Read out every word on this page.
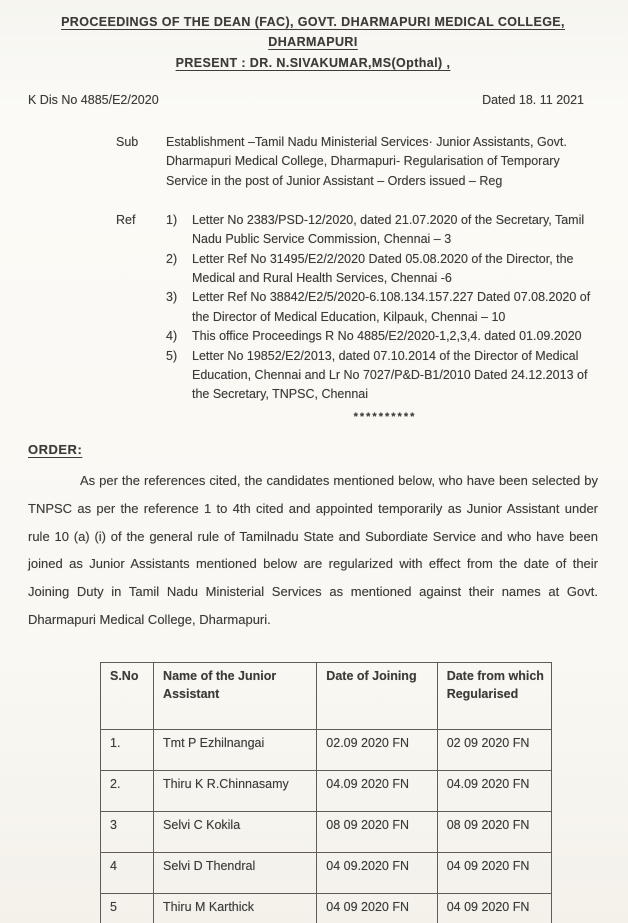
PROCEEDINGS OF THE DEAN (FAC), GOVT. DHARMAPURI MEDICAL COLLEGE,
DHARMAPURI
PRESENT : DR. N.SIVAKUMAR,MS(Opthal) ,
K Dis No 4885/E2/2020	Dated 18. 11 2021
Sub	Establishment –Tamil Nadu Ministerial Services· Junior Assistants, Govt. Dharmapuri Medical College, Dharmapuri- Regularisation of Temporary Service in the post of Junior Assistant – Orders issued – Reg
Ref	1)	Letter No 2383/PSD-12/2020, dated 21.07.2020 of the Secretary, Tamil Nadu Public Service Commission, Chennai – 3
2)	Letter Ref No 31495/E2/2/2020 Dated 05.08.2020 of the Director, the Medical and Rural Health Services, Chennai -6
3)	Letter Ref No 38842/E2/5/2020-6.108.134.157.227 Dated 07.08.2020 of the Director of Medical Education, Kilpauk, Chennai – 10
4)	This office Proceedings R No 4885/E2/2020-1,2,3,4. dated 01.09.2020
5)	Letter No 19852/E2/2013, dated 07.10.2014 of the Director of Medical Education, Chennai and Lr No 7027/P&D-B1/2010 Dated 24.12.2013 of the Secretary, TNPSC, Chennai
**********
ORDER:
As per the references cited, the candidates mentioned below, who have been selected by TNPSC as per the reference 1 to 4th cited and appointed temporarily as Junior Assistant under rule 10 (a) (i) of the general rule of Tamilnadu State and Subordiate Service and who have been joined as Junior Assistants mentioned below are regularized with effect from the date of their Joining Duty in Tamil Nadu Ministerial Services as mentioned against their names at Govt. Dharmapuri Medical College, Dharmapuri.
S.No	Name of the Junior Assistant	Date of Joining	Date from which Regularised
1.	Tmt P Ezhilnangai	02.09 2020 FN	02 09 2020 FN
2.	Thiru K R.Chinnasamy	04.09 2020 FN	04.09 2020 FN
3	Selvi C Kokila	08 09 2020 FN	08 09 2020 FN
4	Selvi D Thendral	04 09.2020 FN	04 09 2020 FN
5	Thiru M Karthick	04 09 2020 FN	04 09 2020 FN
